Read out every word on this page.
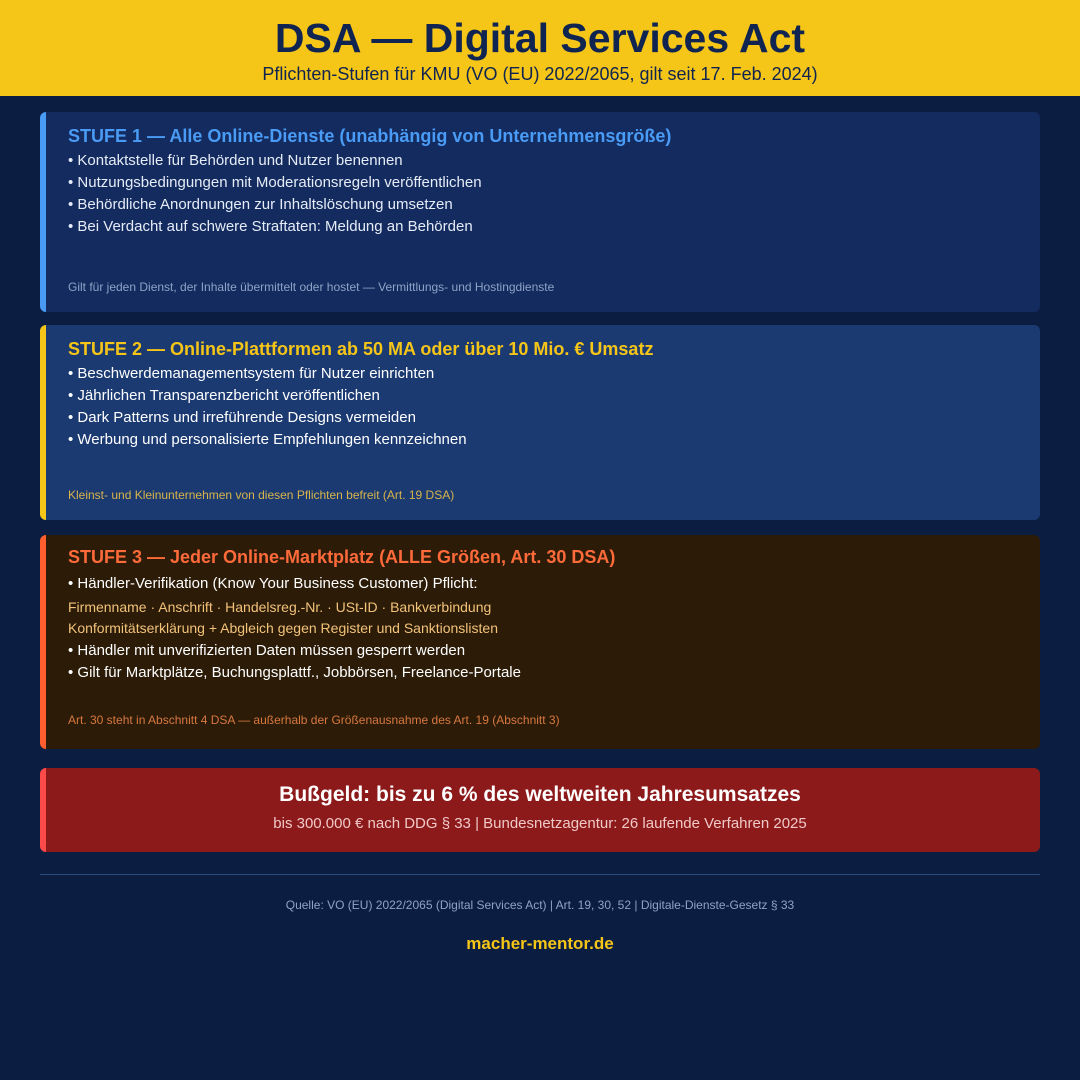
DSA — Digital Services Act
Pflichten-Stufen für KMU (VO (EU) 2022/2065, gilt seit 17. Feb. 2024)
STUFE 1 — Alle Online-Dienste (unabhängig von Unternehmensgröße)
• Kontaktstelle für Behörden und Nutzer benennen
• Nutzungsbedingungen mit Moderationsregeln veröffentlichen
• Behördliche Anordnungen zur Inhaltslöschung umsetzen
• Bei Verdacht auf schwere Straftaten: Meldung an Behörden
Gilt für jeden Dienst, der Inhalte übermittelt oder hostet — Vermittlungs- und Hostingdienste
STUFE 2 — Online-Plattformen ab 50 MA oder über 10 Mio. € Umsatz
• Beschwerdemanagementsystem für Nutzer einrichten
• Jährlichen Transparenzbericht veröffentlichen
• Dark Patterns und irreführende Designs vermeiden
• Werbung und personalisierte Empfehlungen kennzeichnen
Kleinst- und Kleinunternehmen von diesen Pflichten befreit (Art. 19 DSA)
STUFE 3 — Jeder Online-Marktplatz (ALLE Größen, Art. 30 DSA)
• Händler-Verifikation (Know Your Business Customer) Pflicht:
Firmenname · Anschrift · Handelsreg.-Nr. · USt-ID · Bankverbindung
Konformitätserklärung + Abgleich gegen Register und Sanktionslisten
• Händler mit unverifizierten Daten müssen gesperrt werden
• Gilt für Marktplätze, Buchungsplattf., Jobbörsen, Freelance-Portale
Art. 30 steht in Abschnitt 4 DSA — außerhalb der Größenausnahme des Art. 19 (Abschnitt 3)
Bußgeld: bis zu 6 % des weltweiten Jahresumsatzes
bis 300.000 € nach DDG § 33 | Bundesnetzagentur: 26 laufende Verfahren 2025
Quelle: VO (EU) 2022/2065 (Digital Services Act) | Art. 19, 30, 52 | Digitale-Dienste-Gesetz § 33
macher-mentor.de
